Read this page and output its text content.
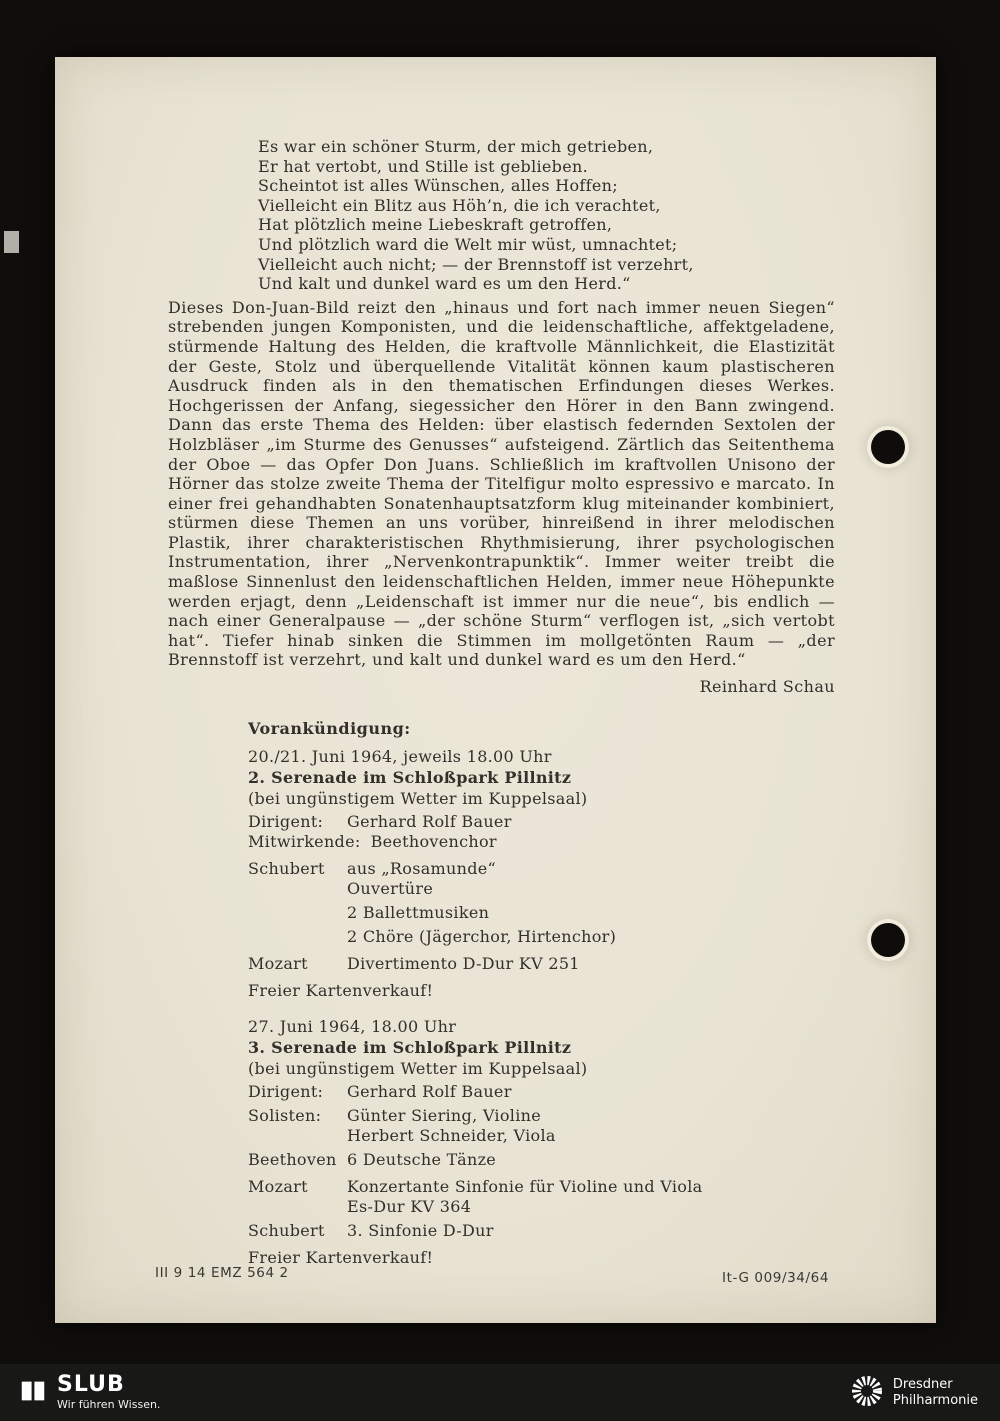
Es war ein schöner Sturm, der mich getrieben,
Er hat vertobt, und Stille ist geblieben.
Scheintot ist alles Wünschen, alles Hoffen;
Vielleicht ein Blitz aus Höh’n, die ich verachtet,
Hat plötzlich meine Liebeskraft getroffen,
Und plötzlich ward die Welt mir wüst, umnachtet;
Vielleicht auch nicht; — der Brennstoff ist verzehrt,
Und kalt und dunkel ward es um den Herd.“
Dieses Don-Juan-Bild reizt den „hinaus und fort nach immer neuen Siegen“ strebenden jungen Komponisten, und die leidenschaftliche, affektgeladene, stürmende Haltung des Helden, die kraftvolle Männlichkeit, die Elastizität der Geste, Stolz und überquellende Vitalität können kaum plastischeren Ausdruck finden als in den thematischen Erfindungen dieses Werkes. Hochgerissen der Anfang, siegessicher den Hörer in den Bann zwingend. Dann das erste Thema des Helden: über elastisch federnden Sextolen der Holzbläser „im Sturme des Genusses“ aufsteigend. Zärtlich das Seitenthema der Oboe — das Opfer Don Juans. Schließlich im kraftvollen Unisono der Hörner das stolze zweite Thema der Titelfigur molto espressivo e marcato. In einer frei gehandhabten Sonatenhauptsatzform klug miteinander kombiniert, stürmen diese Themen an uns vorüber, hinreißend in ihrer melodischen Plastik, ihrer charakteristischen Rhythmisierung, ihrer psychologischen Instrumentation, ihrer „Nervenkontrapunktik“. Immer weiter treibt die maßlose Sinnenlust den leidenschaftlichen Helden, immer neue Höhepunkte werden erjagt, denn „Leidenschaft ist immer nur die neue“, bis endlich — nach einer Generalpause — „der schöne Sturm“ verflogen ist, „sich vertobt hat“. Tiefer hinab sinken die Stimmen im mollgetönten Raum — „der Brennstoff ist verzehrt, und kalt und dunkel ward es um den Herd.“
Reinhard Schau
Vorankündigung:
20./21. Juni 1964, jeweils 18.00 Uhr
2. Serenade im Schloßpark Pillnitz
(bei ungünstigem Wetter im Kuppelsaal)
Dirigent:	Gerhard Rolf Bauer
Mitwirkende: Beethovenchor
Schubert	aus „Rosamunde“
Ouvertüre
2 Ballettmusiken
2 Chöre (Jägerchor, Hirtenchor)
Mozart	Divertimento D-Dur KV 251
Freier Kartenverkauf!
27. Juni 1964, 18.00 Uhr
3. Serenade im Schloßpark Pillnitz
(bei ungünstigem Wetter im Kuppelsaal)
Dirigent:	Gerhard Rolf Bauer
Solisten:	Günter Siering, Violine
Herbert Schneider, Viola
Beethoven 6 Deutsche Tänze
Mozart	Konzertante Sinfonie für Violine und Viola
Es-Dur KV 364
Schubert	3. Sinfonie D-Dur
Freier Kartenverkauf!
III 9 14 EMZ 564 2	It-G 009/34/64
SLUB
Wir führen Wissen.
Dresdner
Philharmonie
